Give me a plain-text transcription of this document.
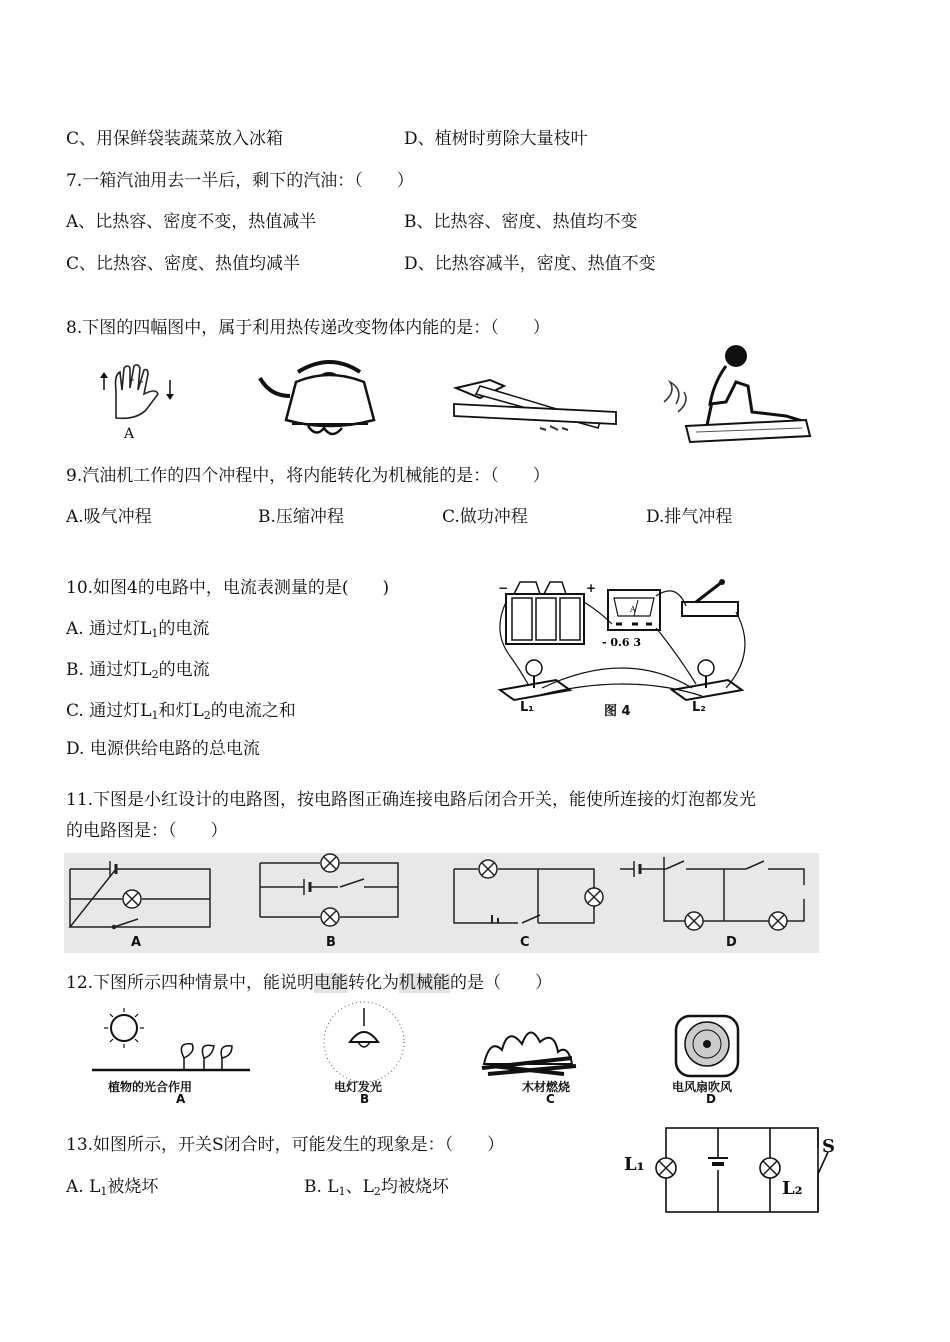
C、用保鲜袋装蔬菜放入冰箱	D、植树时剪除大量枝叶
7.一箱汽油用去一半后，剩下的汽油：（　　）
A、比热容、密度不变，热值减半	B、比热容、密度、热值均不变
C、比热容、密度、热值均减半	D、比热容减半，密度、热值不变
8.下图的四幅图中，属于利用热传递改变物体内能的是：（　　）
A
9.汽油机工作的四个冲程中，将内能转化为机械能的是：（　　）
A.吸气冲程	B.压缩冲程	C.做功冲程	D.排气冲程
10.如图4的电路中，电流表测量的是(　　)
A. 通过灯$L_1$的电流
B. 通过灯$L_2$的电流
C. 通过灯$L_1$和灯$L_2$的电流之和
D. 电源供给电路的总电流
−	+
A
- 0.6 3
L₁	图 4	L₂
11.下图是小红设计的电路图，按电路图正确连接电路后闭合开关，能使所连接的灯泡都发光
的电路图是：（　　）
A	B	C	D
12.下图所示四种情景中，能说明电能转化为机械能的是（　　）
植物的光合作用
A
电灯发光
B
木材燃烧
C
电风扇吹风
D
13.如图所示，开关S闭合时，可能发生的现象是：（　　）
A. $L_1$被烧坏	B. $L_1$、$L_2$均被烧坏
L₁
L₂
S
